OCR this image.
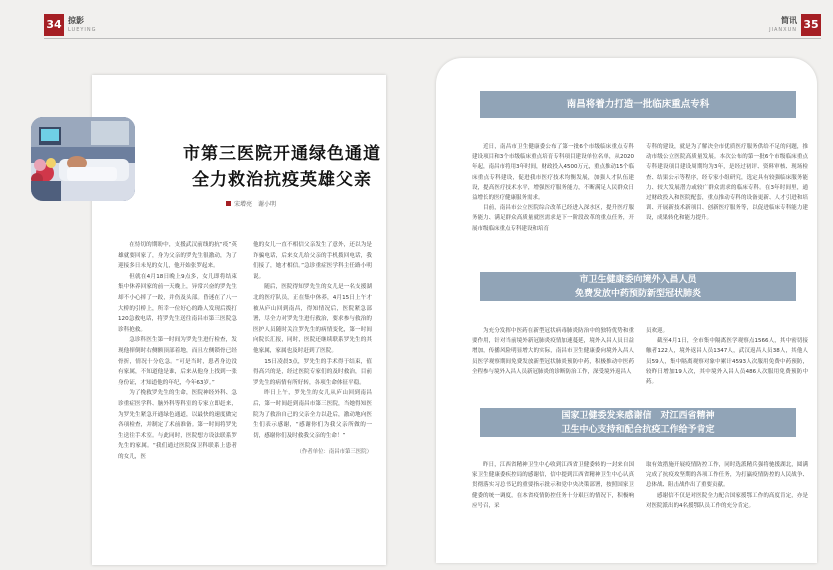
34 掠影
LUEYING
市第三医院开通绿色通道
全力救治抗疫英雄父亲
宋增亮　谢小明

在恃切的期盼中，支援武汉前线的抗“疫”英雄就要回家了，身为父亲的罗先生很激动，为了迎接多日未见的女儿，他开始张罗起来。

但就在4月18日晚上9点多，女儿即将结束集中休养回家的前一天晚上，异常兴奋的罗先生却不小心摔了一跤，并伤及头部。昏迷在了八一大桥的引桥上，所幸一位好心的路人发现后拨打120急救电话，将罗先生送往南昌市第三医院急诊科抢救。

急诊科医生第一时间为罗先生进行检查，发现他摔倒时右侧额顶部着地，而且左侧锁骨已经骨折，情况十分危急。“可是当时，患者身边没有家属，不知道他是谁，后来从他身上找到一张身份证，才知道他的年纪，今年63岁。”

为了挽救罗先生的生命，医院神经外科、急诊重症医学科、脑外科等科室的专家立即赶来，为罗先生紧急开通绿色通道，以最快的速度做完各项检查，并制定了术前准备。第一时间将罗先生送往手术室。与此同时，医院想方设法联系罗先生的家属。“我们通过医院保卫科联系上患者的女儿，医

他的女儿一直不相信父亲发生了意外，还以为是诈骗电话，后来女儿给父亲的手机拨回电话，我们接了，她才相信。”急诊重症医学科主任路小明说。

随后，医院得知罗先生的女儿是一名支援湖北的医疗队员，正在集中休养，4月15日上午才被从庐山回到南昌，得知情况后，医院紧急部署，尽全力对罗先生进行救治，要求参与救治的医护人员随时关注罗先生的病情变化，第一时间向院长汇报，同时，医院还继续联系罗先生的其他家属，家属也及时赶到了医院。

15日凌晨3点，罗先生的手术得于结束，值得高兴的是，经过医院专家们的及时救治，目前罗先生的病情有所好转，各项生命体征平稳。

昨日上午，罗先生的女儿从庐山回到南昌后，第一时间赶到南昌市第三医院，当她得知医院为了救治自己的父亲全力以赴后，激动地向医生们表示感谢，“感谢你们为我父亲所做的一切，感谢你们及时救我父亲的生命！”

（作者单位：南昌市第三医院）
35
简讯
JIANXUN
南昌将着力打造一批临床重点专科

近日，南昌市卫生健康委公布了第一批6个市级临床重点专科建设项目和3个市级临床重点培育专科项目建设单位名单，从2020年起，南昌市将用3年时间，财政投入4500万元，重点推动15个临床重点专科建设，促进我市医疗技术均衡发展，加强人才队伍建设，提高医疗技术水平，增强医疗服务能力，不断满足人民群众日益增长的医疗健康服务需求。

目前，南昌市公立医院综合改革已经进入深水区，提升医疗服务能力、满足群众高质量就医需求是下一阶段改革的重点任务，开展市级临床重点专科建设和培育

专科的建设，就是为了解决全市优质医疗服务供给不足的问题，推动市级公立医院高质量发展。本次公布的第一批6个市级临床重点专科建设项目建设周期均为3年，是经过初评、资料审核、现场检查、结果公示等程序，经专家小组研究，选定具有较强临床服务能力、较大发展潜力或较广群众需求的临床专科。在3年时间里，通过财政投入和医院配套，重点推动专科的设备更新、人才引进和培训、开展新技术新项目、创新医疗服务等，以促进临床专科能力建设，成果转化和能力提升。

市卫生健康委向境外入昌人员
免费发放中药预防新型冠状肺炎

为充分发挥中医药在新型冠状病毒肺炎防治中的独特优势和重要作用，针对当前境外新冠肺炎疫情加速蔓延，境外入昌人员日益增加，传播风险明显增大的实际，南昌市卫生健康委向境外入昌人员医学观察期间免费发放新型冠状肺炎预防中药，积极推动中医药全程参与境外入昌人员新冠肺炎的诊断防治工作，深受境外返昌人

员欢迎。

截至4月1日，全市集中隔离医学观察点1566人，其中密切接触者122人，境外返昌人员1347人，武汉返昌人员38人，其他人员59人，集中隔离观察对象中累计4593人次服用免费中药预防，较昨日增加19人次，其中境外入昌人员486人次服用免费预防中药。

国家卫健委发来感谢信　对江西省精神
卫生中心支持和配合抗疫工作给予肯定

昨日，江西省精神卫生中心收到江西省卫健委转的一封来自国家卫生健康委疾控局的感谢信，信中提到江西省精神卫生中心认真贯彻落实习总书记的重要指示批示和党中央决策部署，按照国家卫健委的统一调度，在本省疫情防控任务十分艰巨的情况下，积极响应号召，采

取有效措施开展疫情防控工作，同时选派精兵强将驰援湖北，圆满完成了抗疫攻坚期的各项工作任务，为打赢疫情防控的人民战争、总体战、阻击战作出了重要贡献。

感谢信不仅是对医院全力配合国家援鄂工作的高度肯定，亦是对医院派出的4名援鄂队员工作的充分肯定。
